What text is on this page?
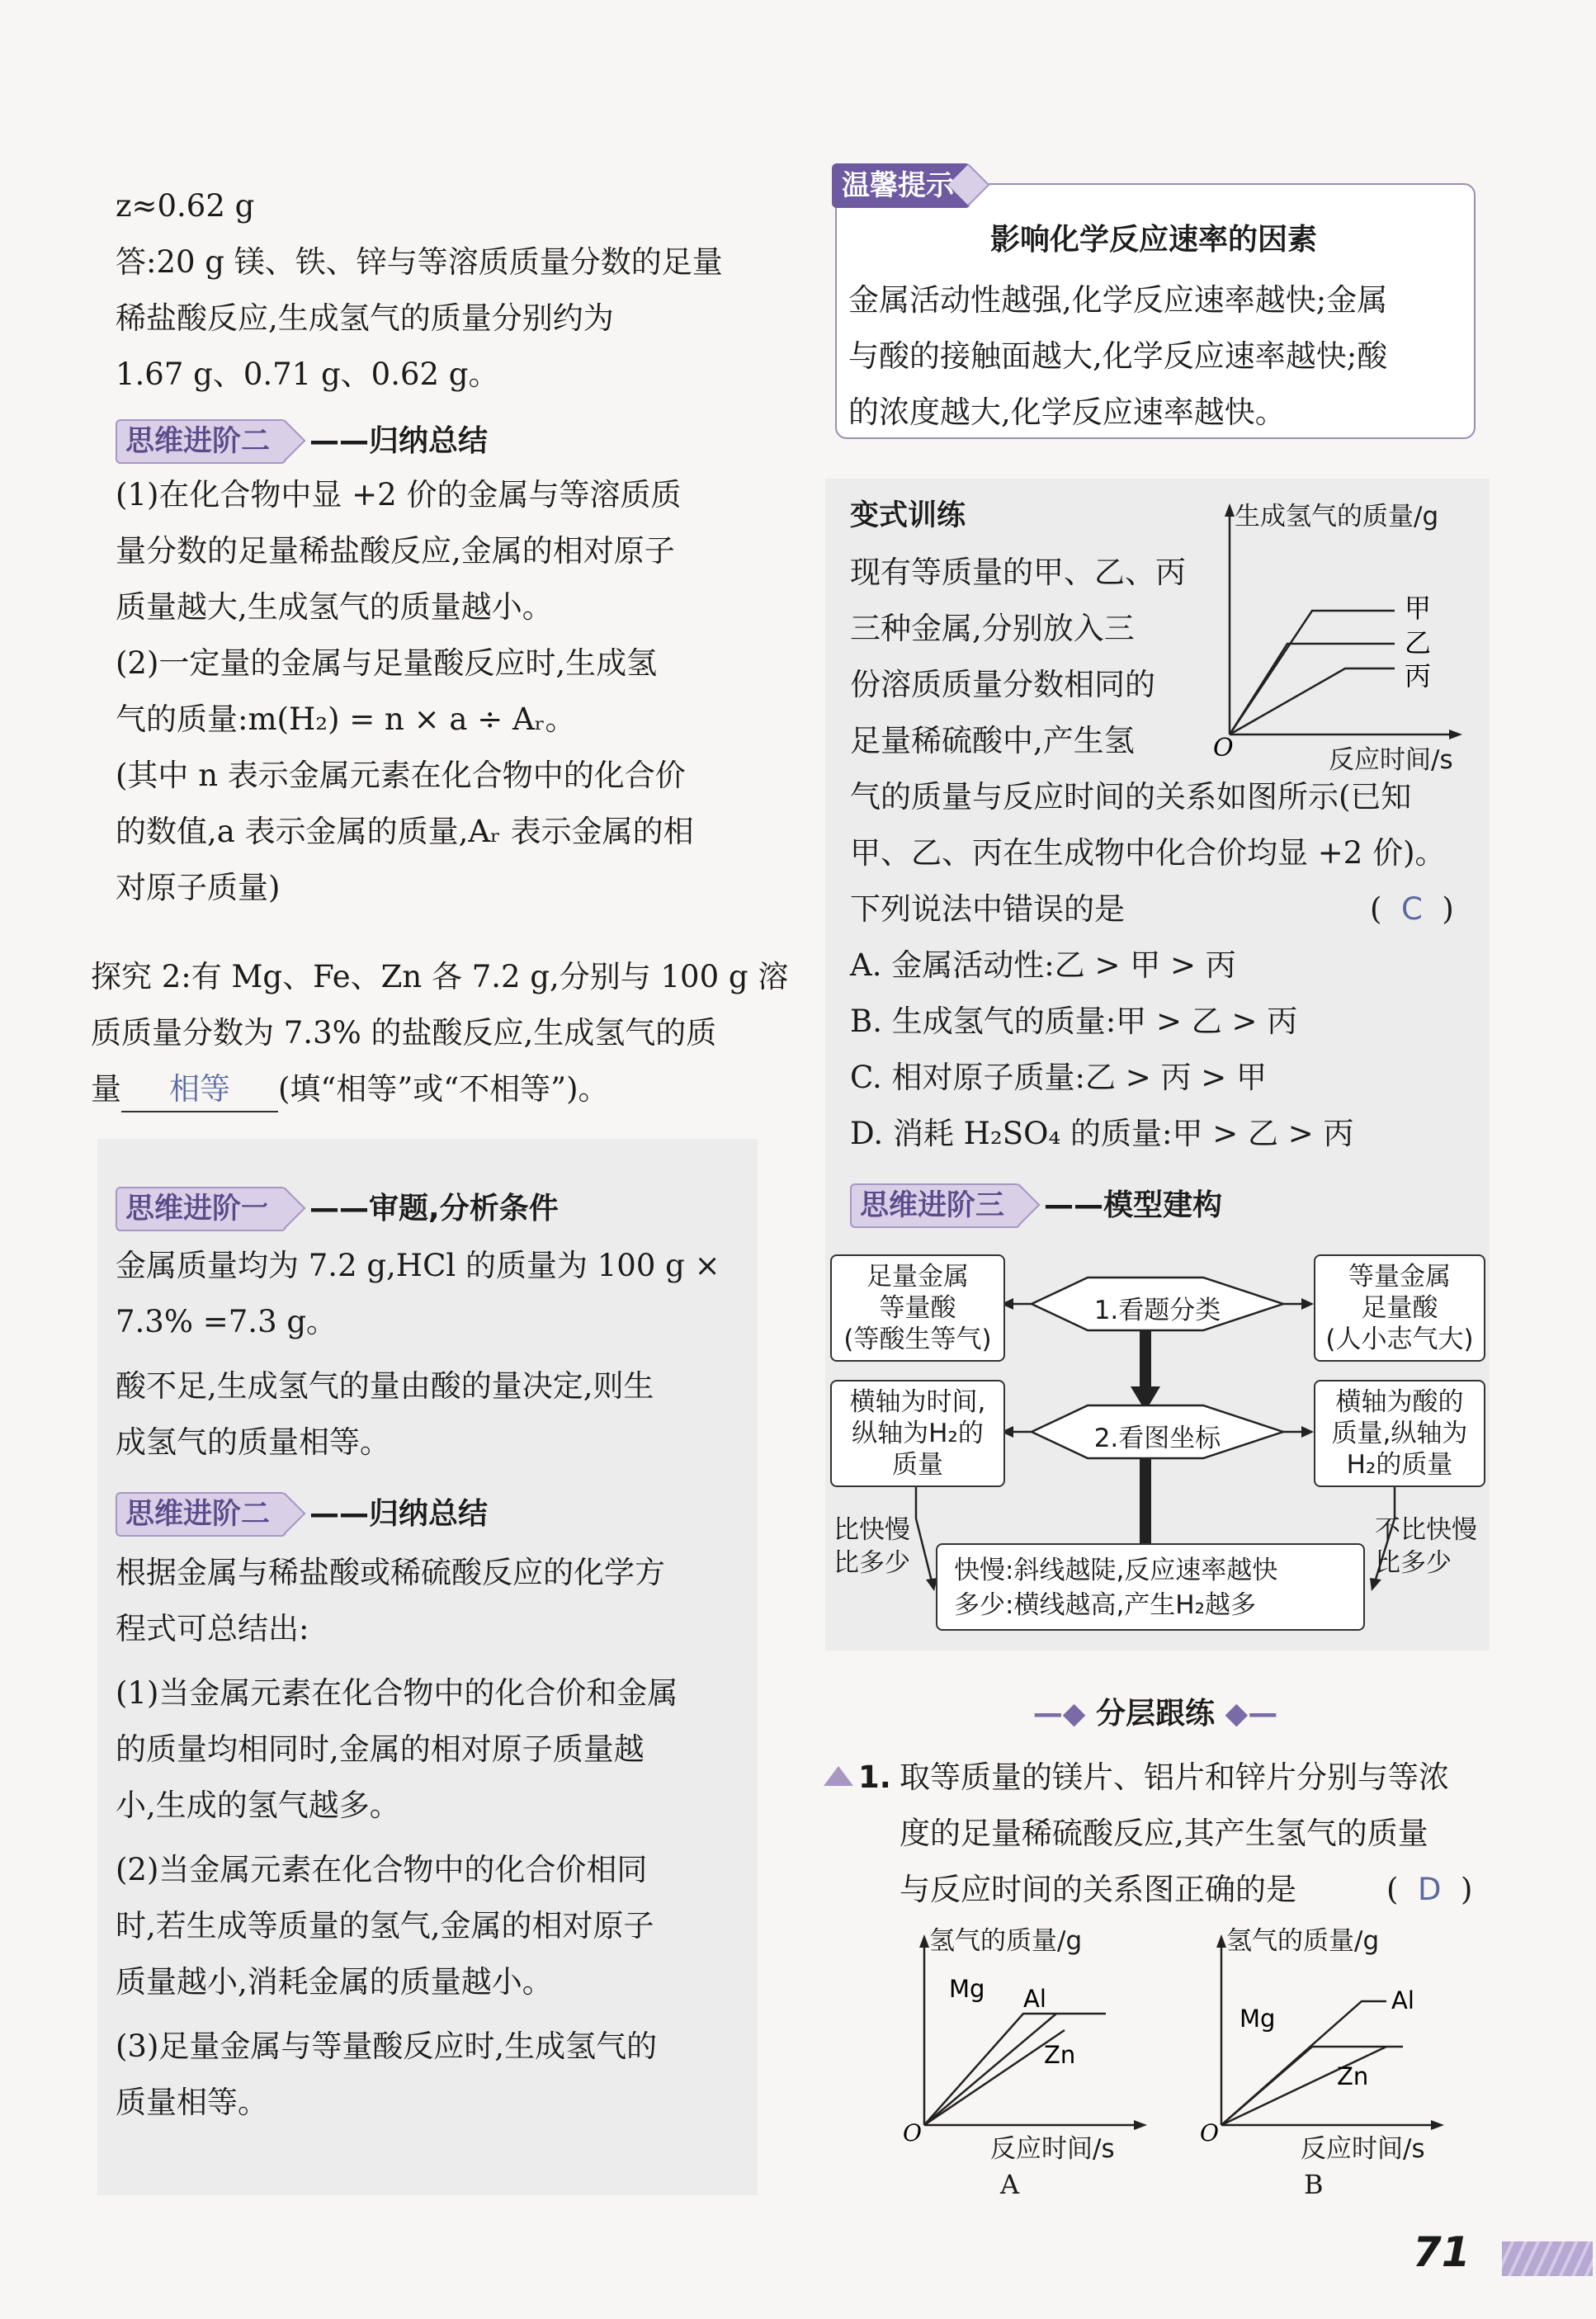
z≈0.62 g
答:20 g 镁、铁、锌与等溶质质量分数的足量
稀盐酸反应,生成氢气的质量分别约为
1.67 g、0.71 g、0.62 g。
思维进阶二 ——归纳总结
(1)在化合物中显 +2 价的金属与等溶质质
量分数的足量稀盐酸反应,金属的相对原子
质量越大,生成氢气的质量越小。
(2)一定量的金属与足量酸反应时,生成氢
气的质量:m(H₂) = n × a ÷ Aᵣ。
(其中 n 表示金属元素在化合物中的化合价
的数值,a 表示金属的质量,Aᵣ 表示金属的相
对原子质量)
探究 2:有 Mg、Fe、Zn 各 7.2 g,分别与 100 g 溶
质质量分数为 7.3% 的盐酸反应,生成氢气的质
量 相等 (填“相等”或“不相等”)。
思维进阶一 ——审题,分析条件
金属质量均为 7.2 g,HCl 的质量为 100 g ×
7.3% =7.3 g。
酸不足,生成氢气的量由酸的量决定,则生
成氢气的质量相等。
思维进阶二 ——归纳总结
根据金属与稀盐酸或稀硫酸反应的化学方
程式可总结出:
(1)当金属元素在化合物中的化合价和金属
的质量均相同时,金属的相对原子质量越
小,生成的氢气越多。
(2)当金属元素在化合物中的化合价相同
时,若生成等质量的氢气,金属的相对原子
质量越小,消耗金属的质量越小。
(3)足量金属与等量酸反应时,生成氢气的
质量相等。
温馨提示
影响化学反应速率的因素
金属活动性越强,化学反应速率越快;金属
与酸的接触面越大,化学反应速率越快;酸
的浓度越大,化学反应速率越快。
变式训练
现有等质量的甲、乙、丙
三种金属,分别放入三
份溶质质量分数相同的
足量稀硫酸中,产生氢
气的质量与反应时间的关系如图所示(已知
甲、乙、丙在生成物中化合价均显 +2 价)。
下列说法中错误的是	(  C  )
A. 金属活动性:乙 > 甲 > 丙
B. 生成氢气的质量:甲 > 乙 > 丙
C. 相对原子质量:乙 > 丙 > 甲
D. 消耗 H₂SO₄ 的质量:甲 > 乙 > 丙
甲
乙
丙
O
生成氢气的质量/g
反应时间/s
思维进阶三 ——模型建构
1.看题分类
2.看图坐标
足量金属
等量酸
(等酸生等气)
等量金属
足量酸
(人小志气大)
横轴为时间,
纵轴为H₂的
质量
横轴为酸的
质量,纵轴为
H₂的质量
比快慢
比多少
不比快慢
比多少
快慢:斜线越陡,反应速率越快
多少:横线越高,产生H₂越多
—◆ 分层跟练 ◆—
1. 取等质量的镁片、铝片和锌片分别与等浓
度的足量稀硫酸反应,其产生氢气的质量
与反应时间的关系图正确的是	(  D  )
Mg Al
Zn
O
氢气的质量/g
反应时间/s
A
Mg
Al
Zn
O
氢气的质量/g
反应时间/s
B
71
